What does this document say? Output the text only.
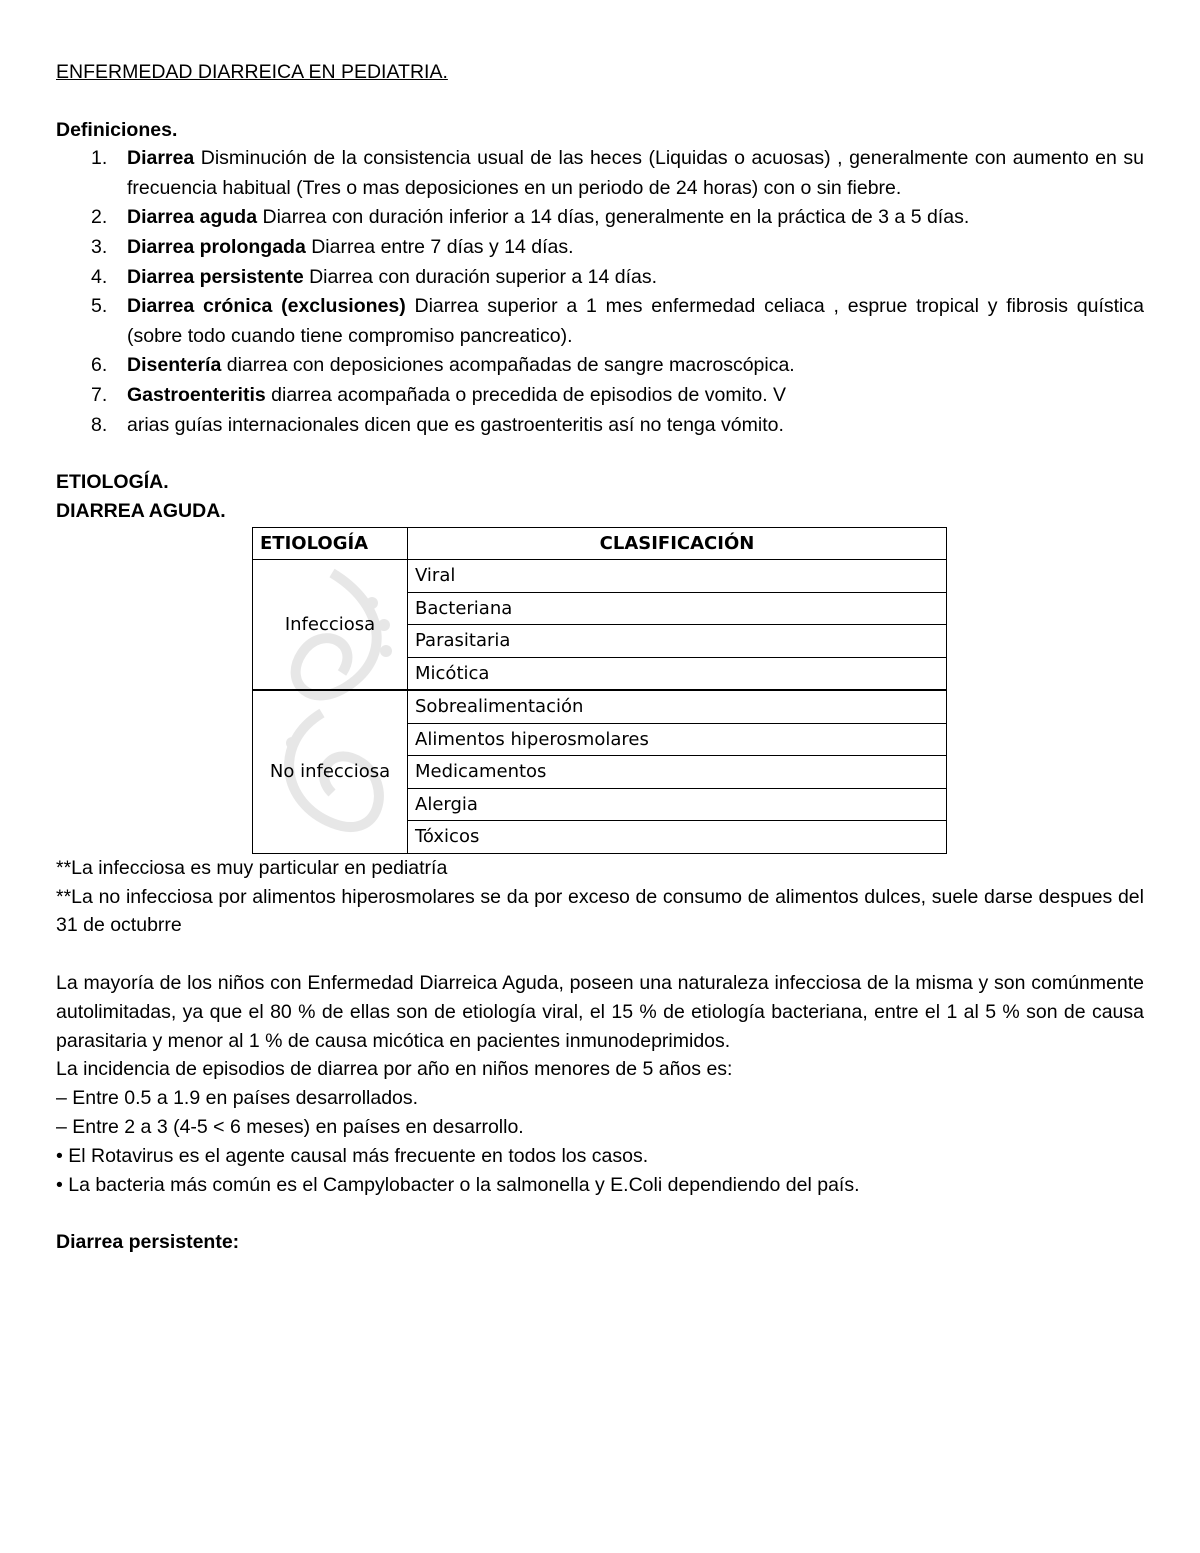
ENFERMEDAD DIARREICA EN PEDIATRIA.
Definiciones.
1. Diarrea Disminución de la consistencia usual de las heces (Liquidas o acuosas) , generalmente con aumento en su frecuencia habitual (Tres o mas deposiciones en un periodo de 24 horas) con o sin fiebre.
2. Diarrea aguda Diarrea con duración inferior a 14 días, generalmente en la práctica de 3 a 5 días.
3. Diarrea prolongada Diarrea entre 7 días y 14 días.
4. Diarrea persistente Diarrea con duración superior a 14 días.
5. Diarrea crónica (exclusiones) Diarrea superior a 1 mes enfermedad celiaca , esprue tropical y fibrosis quística (sobre todo cuando tiene compromiso pancreatico).
6. Disentería diarrea con deposiciones acompañadas de sangre macroscópica.
7. Gastroenteritis diarrea acompañada o precedida de episodios de vomito. V
8. arias guías internacionales dicen que es gastroenteritis así no tenga vómito.
ETIOLOGÍA.
DIARREA AGUDA.
ETIOLOGÍA	CLASIFICACIÓN
Infecciosa	Viral
	Bacteriana
	Parasitaria
	Micótica
No infecciosa	Sobrealimentación
	Alimentos hiperosmolares
	Medicamentos
	Alergia
	Tóxicos
**La infecciosa es muy particular en pediatría

**La no infecciosa por alimentos hiperosmolares se da por exceso de consumo de alimentos dulces, suele darse despues del 31 de octubrre

La mayoría de los niños con Enfermedad Diarreica Aguda, poseen una naturaleza infecciosa de la misma y son comúnmente autolimitadas, ya que el 80 % de ellas son de etiología viral, el 15 % de etiología bacteriana, entre el 1 al 5 % son de causa parasitaria y menor al 1 % de causa micótica en pacientes inmunodeprimidos.

La incidencia de episodios de diarrea por año en niños menores de 5 años es:
– Entre 0.5 a 1.9 en países desarrollados.
– Entre 2 a 3 (4-5 < 6 meses) en países en desarrollo.
• El Rotavirus es el agente causal más frecuente en todos los casos.
• La bacteria más común es el Campylobacter o la salmonella y E.Coli dependiendo del país.
Diarrea persistente:
